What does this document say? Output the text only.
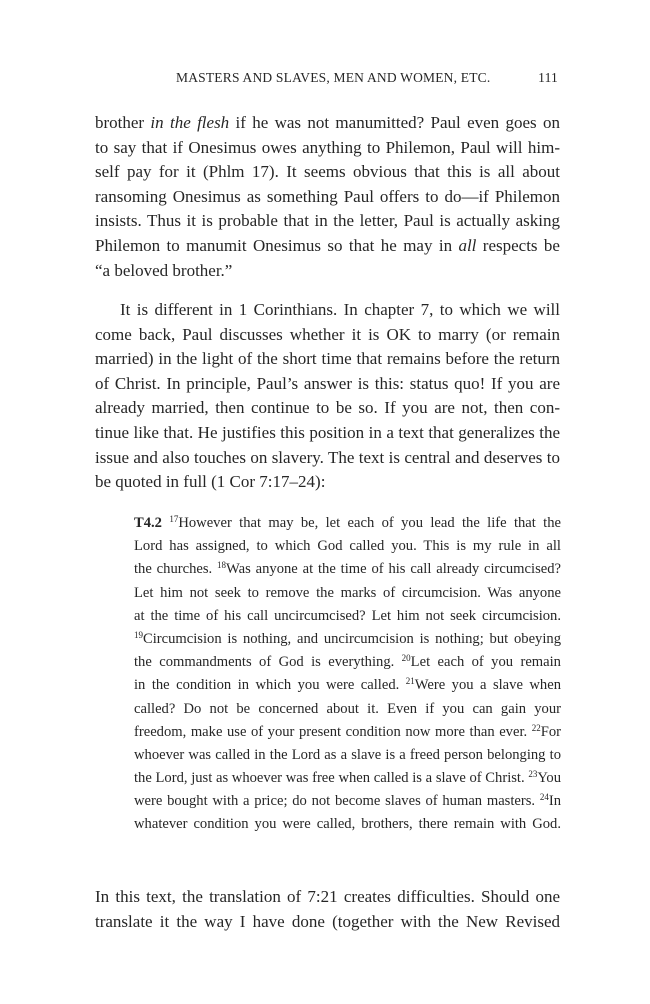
MASTERS AND SLAVES, MEN AND WOMEN, ETC.	111
brother in the flesh if he was not manumitted? Paul even goes on
to say that if Onesimus owes anything to Philemon, Paul will him-
self pay for it (Phlm 17). It seems obvious that this is all about
ransoming Onesimus as something Paul offers to do—if Philemon
insists. Thus it is probable that in the letter, Paul is actually asking
Philemon to manumit Onesimus so that he may in all respects be
“a beloved brother.”
It is different in 1 Corinthians. In chapter 7, to which we will
come back, Paul discusses whether it is OK to marry (or remain
married) in the light of the short time that remains before the return
of Christ. In principle, Paul’s answer is this: status quo! If you are
already married, then continue to be so. If you are not, then con-
tinue like that. He justifies this position in a text that generalizes the
issue and also touches on slavery. The text is central and deserves to
be quoted in full (1 Cor 7:17–24):
T4.2 $^{17}$However that may be, let each of you lead the life that the
Lord has assigned, to which God called you. This is my rule in all
the churches. $^{18}$Was anyone at the time of his call already circumcised?
Let him not seek to remove the marks of circumcision. Was anyone
at the time of his call uncircumcised? Let him not seek circumcision.
$^{19}$Circumcision is nothing, and uncircumcision is nothing; but obeying
the commandments of God is everything. $^{20}$Let each of you remain
in the condition in which you were called. $^{21}$Were you a slave when
called? Do not be concerned about it. Even if you can gain your
freedom, make use of your present condition now more than ever. $^{22}$For
whoever was called in the Lord as a slave is a freed person belonging to
the Lord, just as whoever was free when called is a slave of Christ. $^{23}$You
were bought with a price; do not become slaves of human masters. $^{24}$In
whatever condition you were called, brothers, there remain with God.
In this text, the translation of 7:21 creates difficulties. Should one
translate it the way I have done (together with the New Revised
